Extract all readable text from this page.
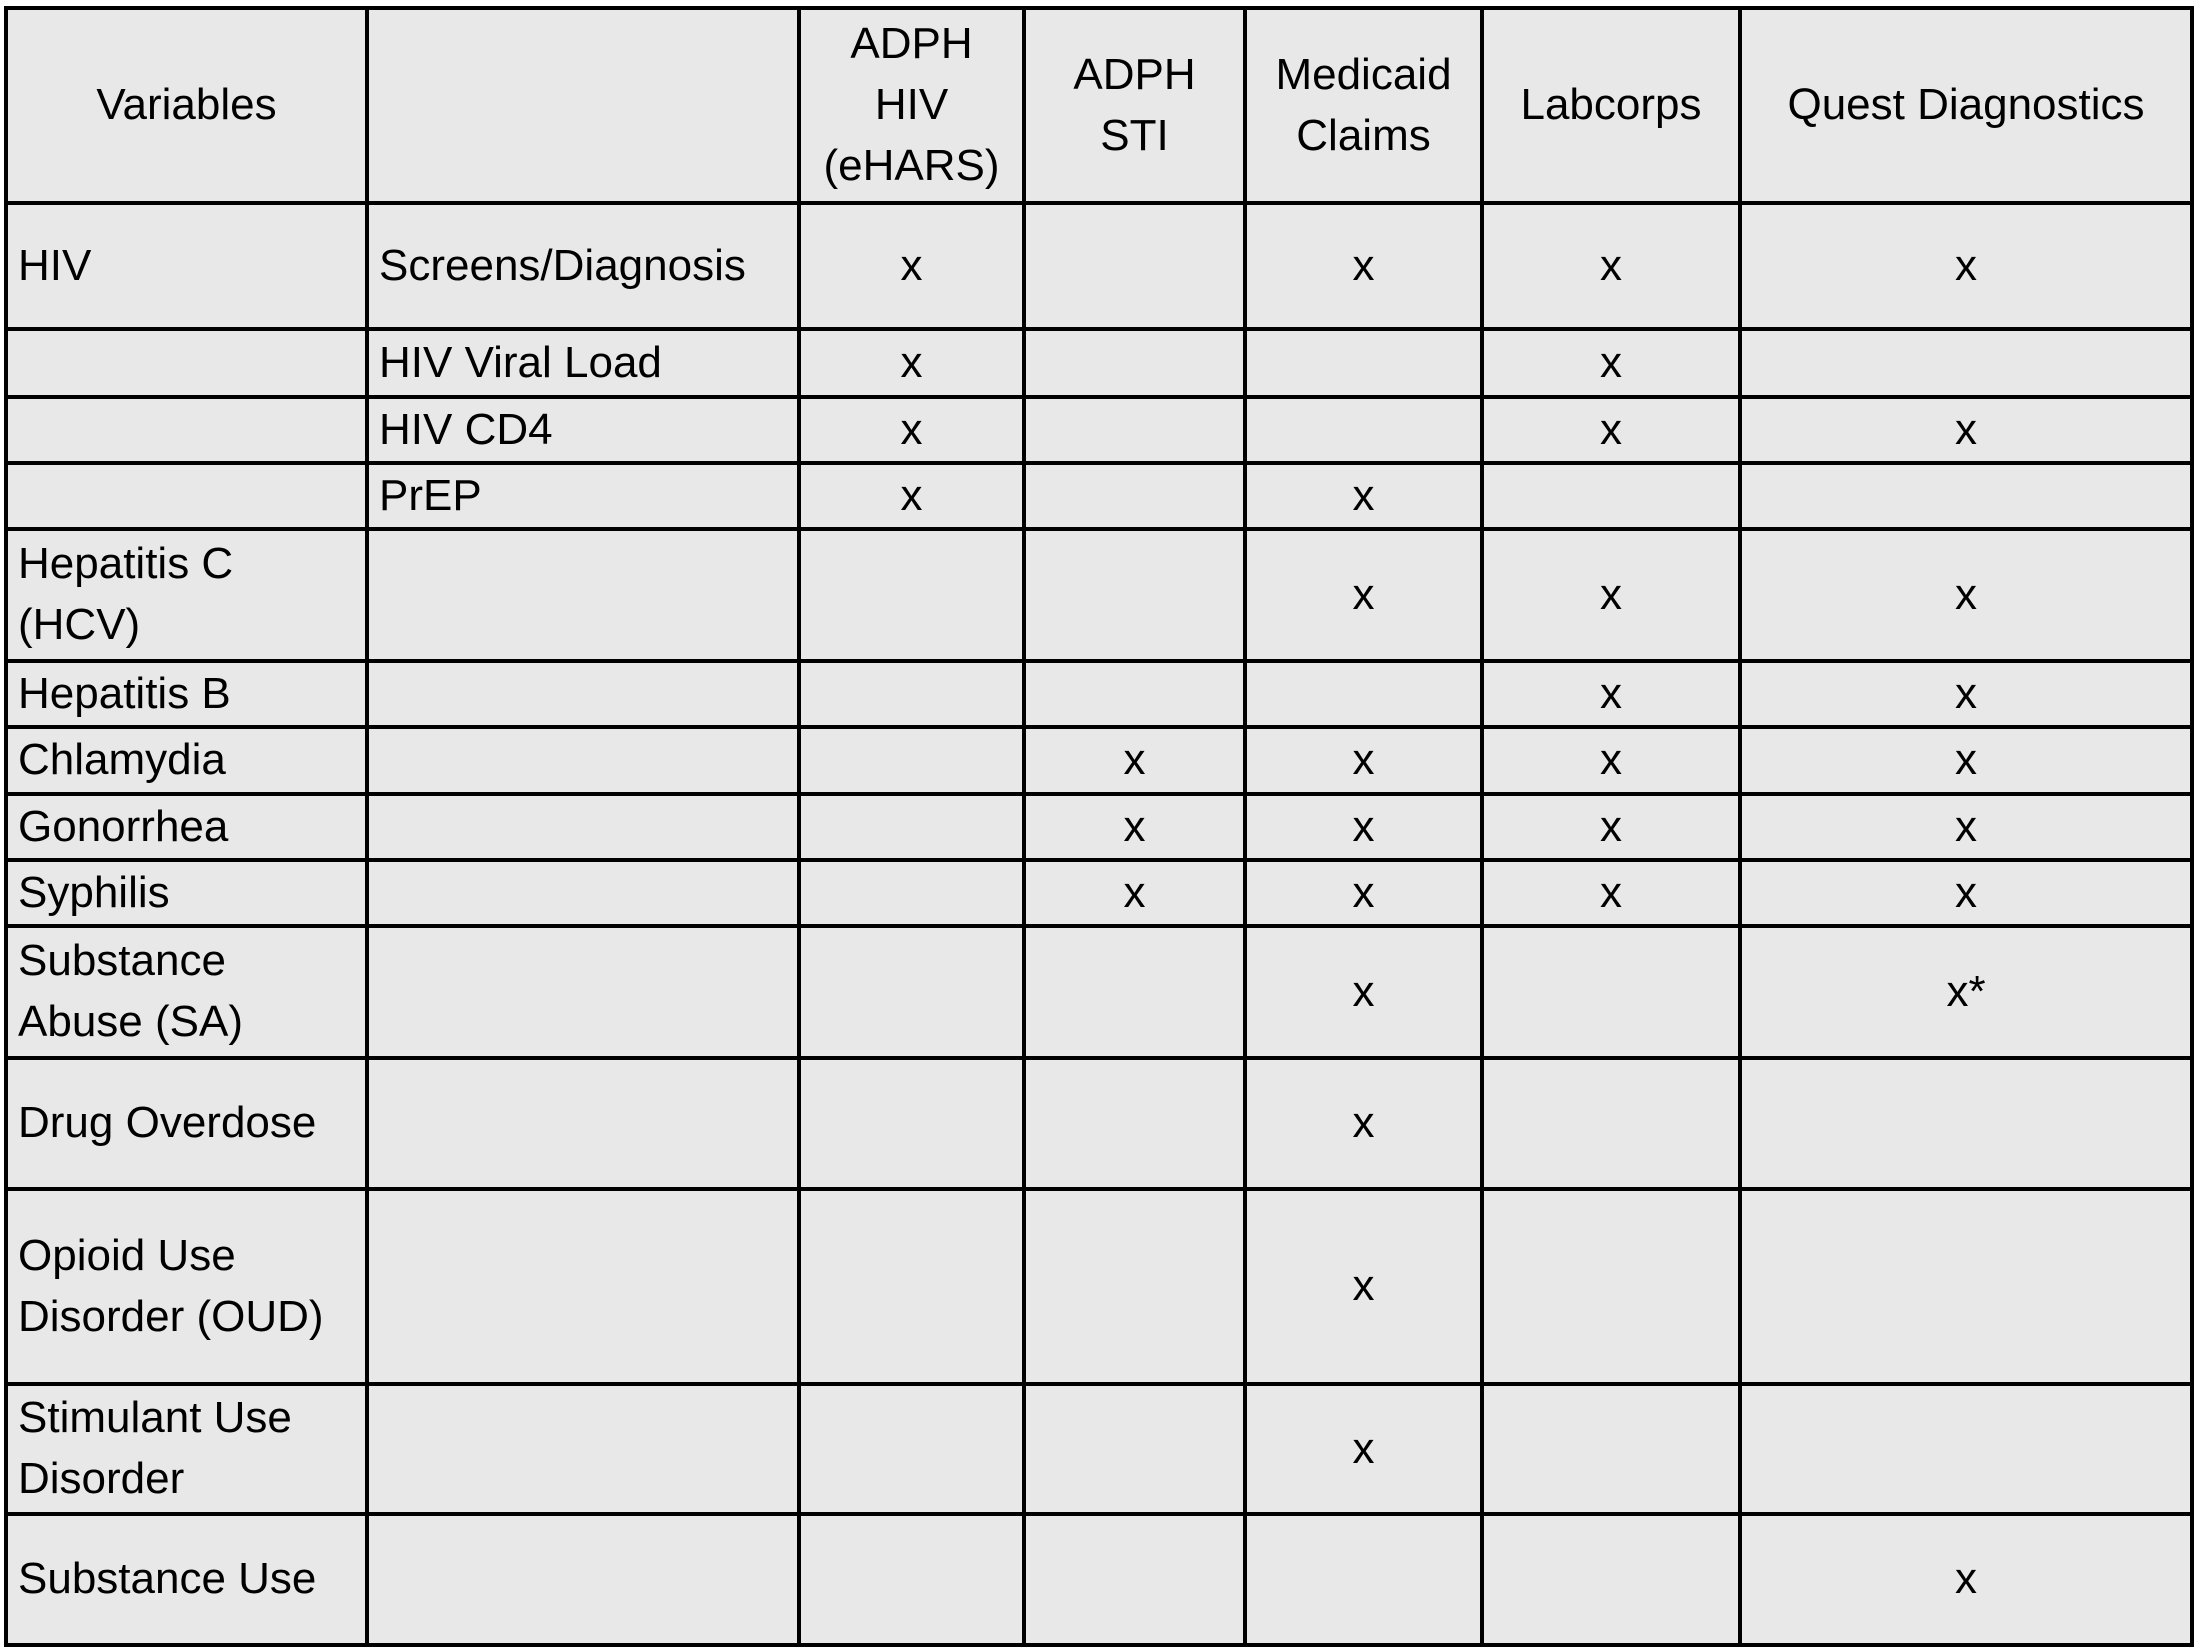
Variables		ADPH HIV (eHARS)	ADPH STI	Medicaid Claims	Labcorps	Quest Diagnostics
HIV	Screens/Diagnosis	x		x	x	x
	HIV Viral Load	x			x	
	HIV CD4	x			x	x
	PrEP	x		x		
Hepatitis C (HCV)				x	x	x
Hepatitis B					x	x
Chlamydia			x	x	x	x
Gonorrhea			x	x	x	x
Syphilis			x	x	x	x
Substance Abuse (SA)				x		x*
Drug Overdose				x		
Opioid Use Disorder (OUD)				x		
Stimulant Use Disorder				x		
Substance Use						x
